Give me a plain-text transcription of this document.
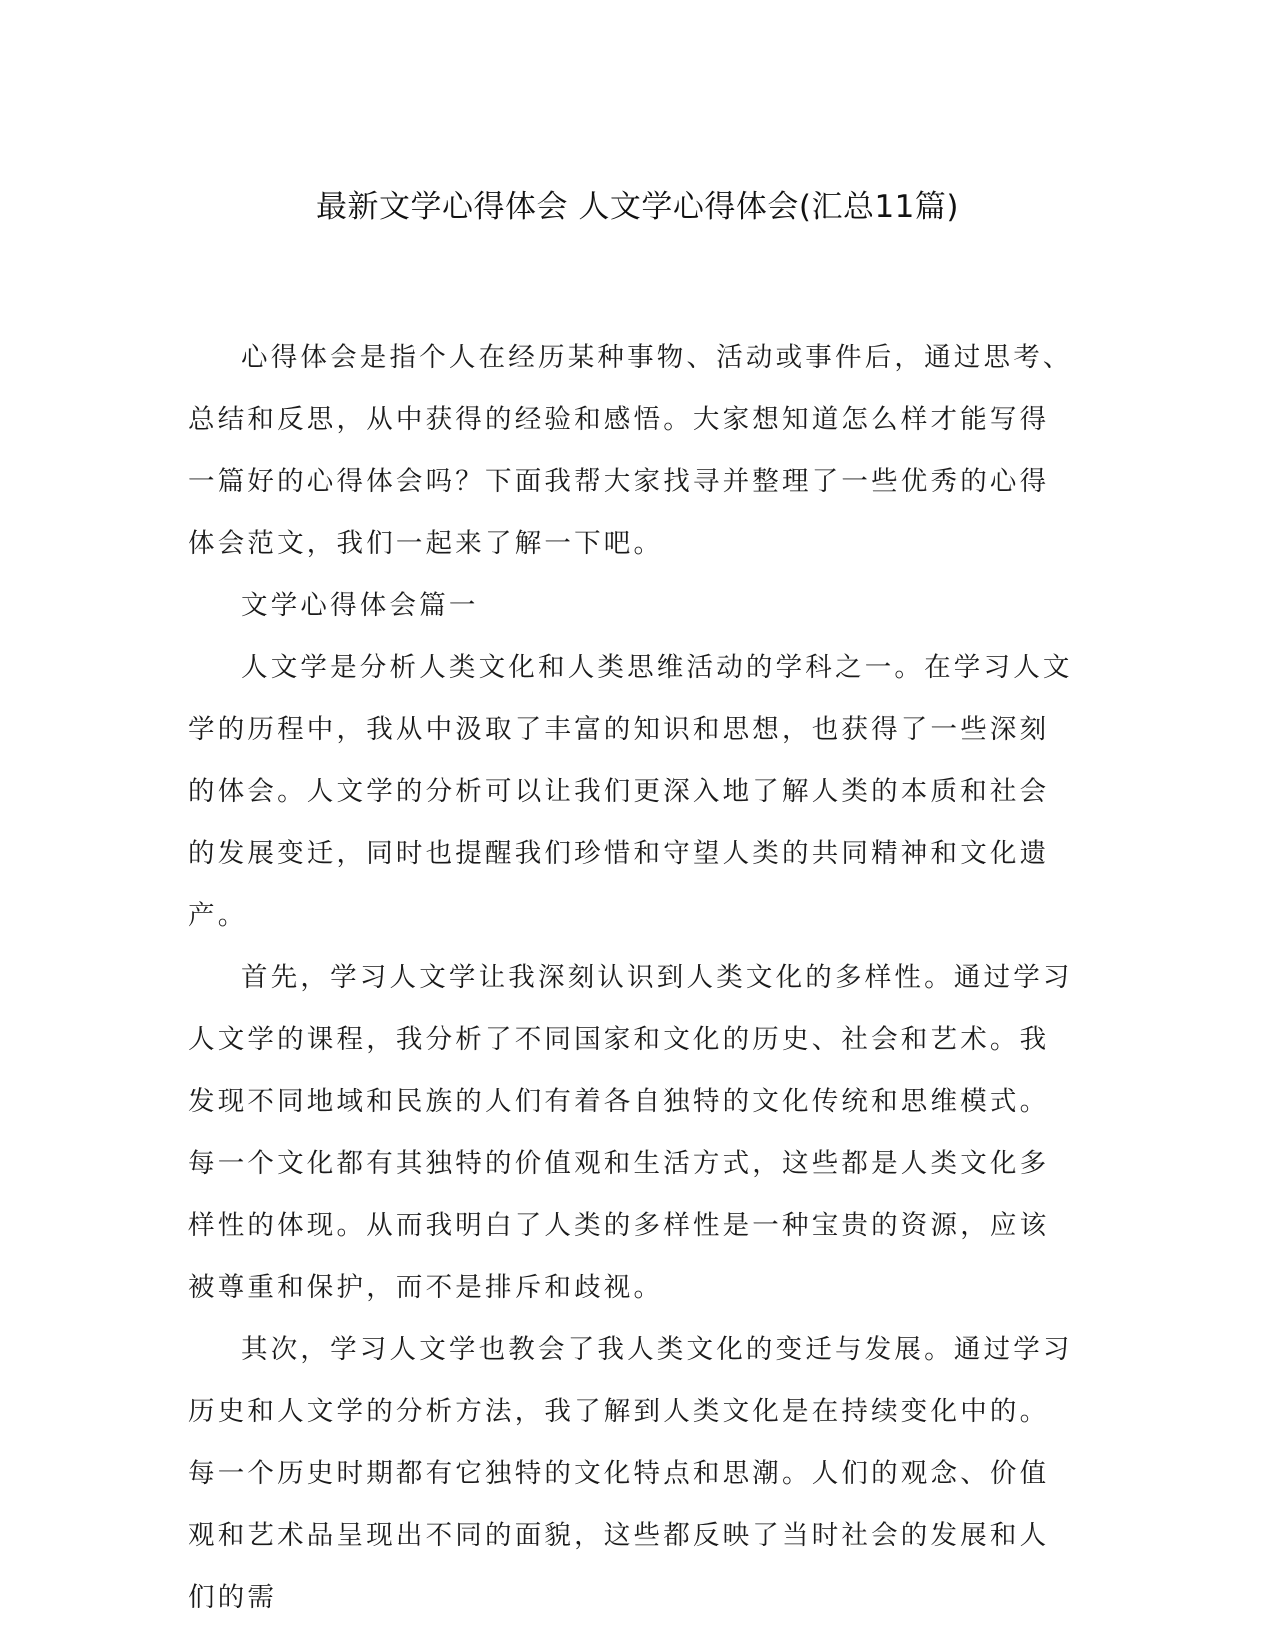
最新文学心得体会 人文学心得体会(汇总11篇)

心得体会是指个人在经历某种事物、活动或事件后，通过思考、总结和反思，从中获得的经验和感悟。大家想知道怎么样才能写得一篇好的心得体会吗？下面我帮大家找寻并整理了一些优秀的心得体会范文，我们一起来了解一下吧。

文学心得体会篇一

人文学是分析人类文化和人类思维活动的学科之一。在学习人文学的历程中，我从中汲取了丰富的知识和思想，也获得了一些深刻的体会。人文学的分析可以让我们更深入地了解人类的本质和社会的发展变迁，同时也提醒我们珍惜和守望人类的共同精神和文化遗产。

首先，学习人文学让我深刻认识到人类文化的多样性。通过学习人文学的课程，我分析了不同国家和文化的历史、社会和艺术。我发现不同地域和民族的人们有着各自独特的文化传统和思维模式。每一个文化都有其独特的价值观和生活方式，这些都是人类文化多样性的体现。从而我明白了人类的多样性是一种宝贵的资源，应该被尊重和保护，而不是排斥和歧视。

其次，学习人文学也教会了我人类文化的变迁与发展。通过学习历史和人文学的分析方法，我了解到人类文化是在持续变化中的。每一个历史时期都有它独特的文化特点和思潮。人们的观念、价值观和艺术品呈现出不同的面貌，这些都反映了当时社会的发展和人们的需
